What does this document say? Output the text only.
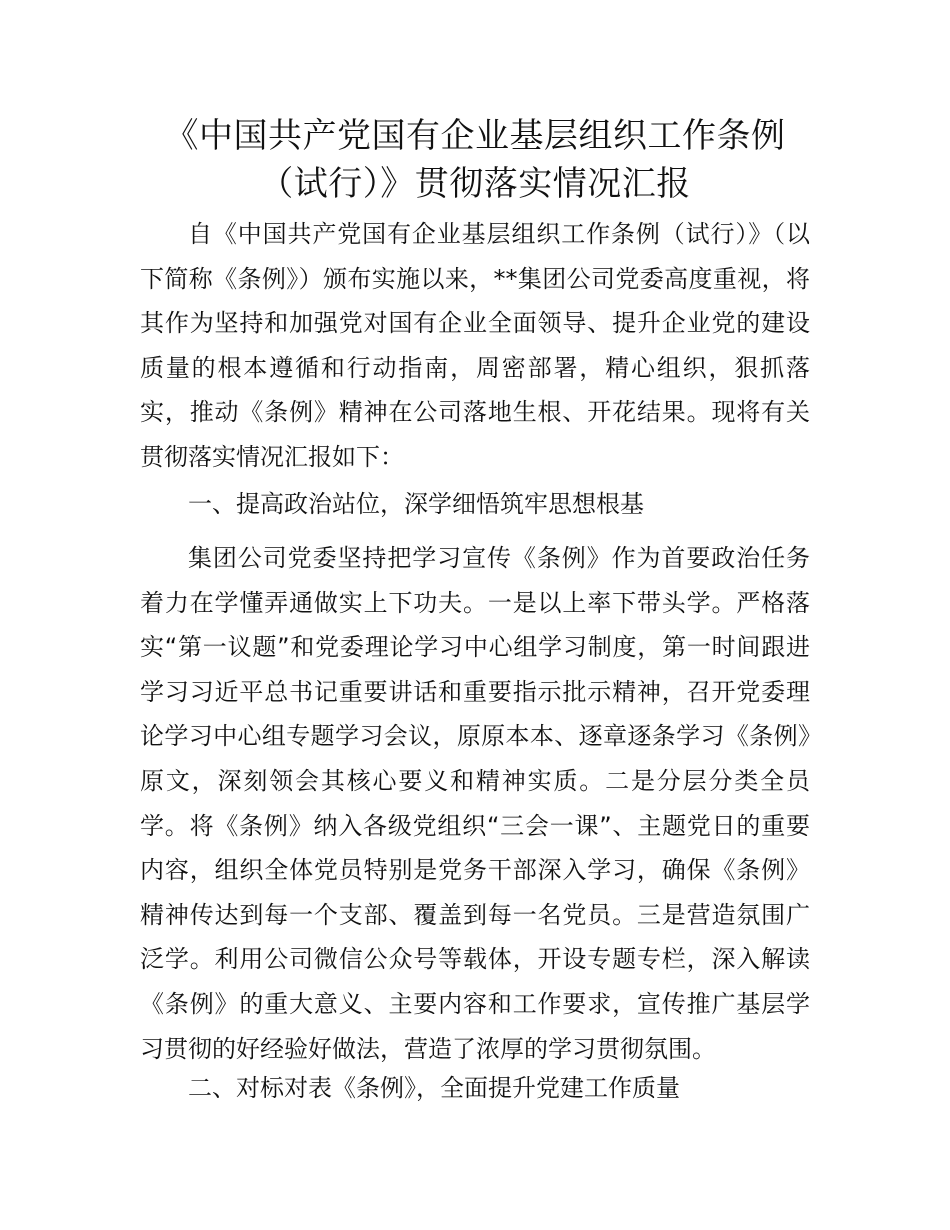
《中国共产党国有企业基层组织工作条例（试行）》贯彻落实情况汇报

自《中国共产党国有企业基层组织工作条例（试行）》（以下简称《条例》）颁布实施以来，**集团公司党委高度重视，将其作为坚持和加强党对国有企业全面领导、提升企业党的建设质量的根本遵循和行动指南，周密部署，精心组织，狠抓落实，推动《条例》精神在公司落地生根、开花结果。现将有关贯彻落实情况汇报如下：

一、提高政治站位，深学细悟筑牢思想根基

集团公司党委坚持把学习宣传《条例》作为首要政治任务着力在学懂弄通做实上下功夫。一是以上率下带头学。严格落实“第一议题”和党委理论学习中心组学习制度，第一时间跟进学习习近平总书记重要讲话和重要指示批示精神，召开党委理论学习中心组专题学习会议，原原本本、逐章逐条学习《条例》原文，深刻领会其核心要义和精神实质。二是分层分类全员学。将《条例》纳入各级党组织“三会一课”、主题党日的重要内容，组织全体党员特别是党务干部深入学习，确保《条例》精神传达到每一个支部、覆盖到每一名党员。三是营造氛围广泛学。利用公司微信公众号等载体，开设专题专栏，深入解读《条例》的重大意义、主要内容和工作要求，宣传推广基层学习贯彻的好经验好做法，营造了浓厚的学习贯彻氛围。

二、对标对表《条例》，全面提升党建工作质量
